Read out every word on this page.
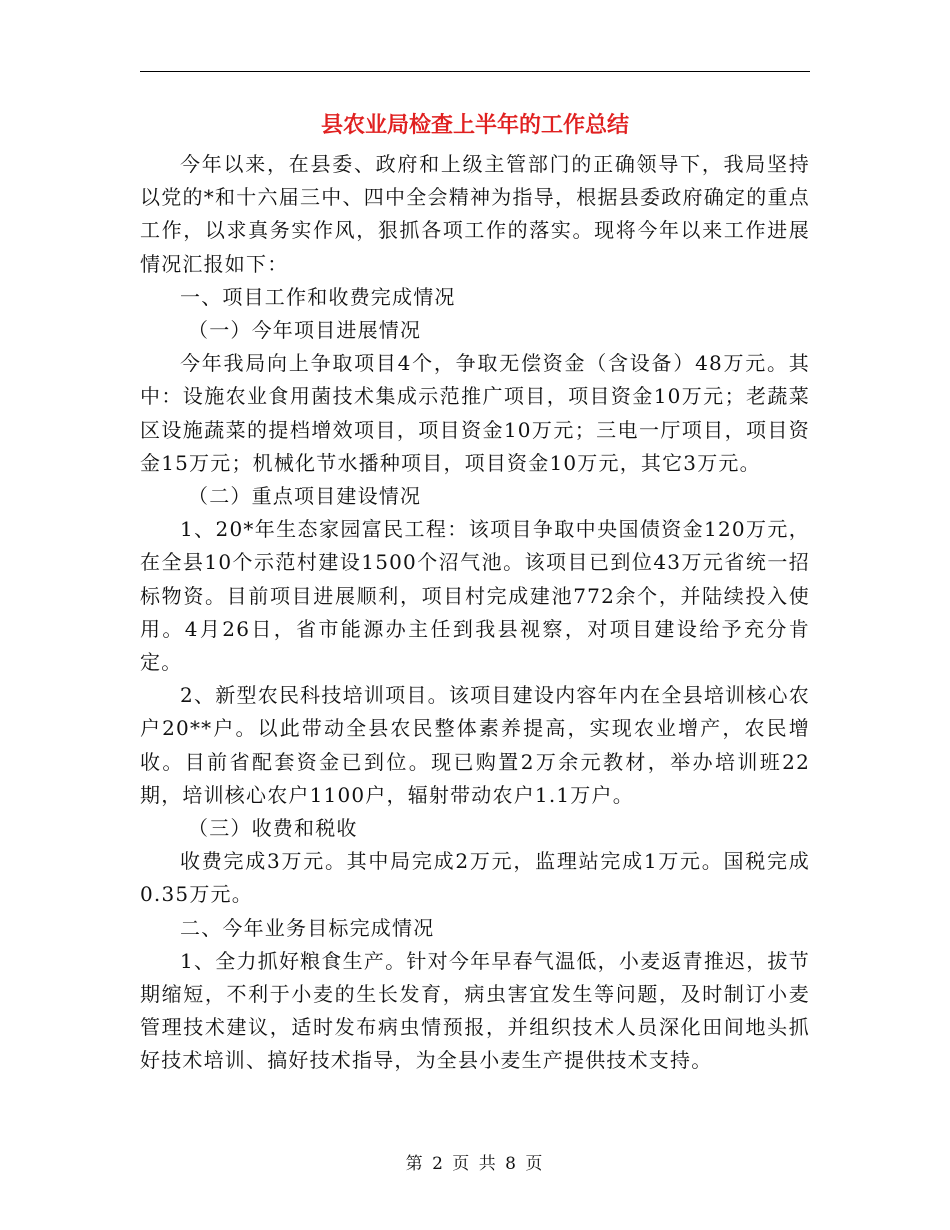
县农业局检查上半年的工作总结

今年以来，在县委、政府和上级主管部门的正确领导下，我局坚持以党的*和十六届三中、四中全会精神为指导，根据县委政府确定的重点工作，以求真务实作风，狠抓各项工作的落实。现将今年以来工作进展情况汇报如下：

一、项目工作和收费完成情况

（一）今年项目进展情况

今年我局向上争取项目4个，争取无偿资金（含设备）48万元。其中：设施农业食用菌技术集成示范推广项目，项目资金10万元；老蔬菜区设施蔬菜的提档增效项目，项目资金10万元；三电一厅项目，项目资金15万元；机械化节水播种项目，项目资金10万元，其它3万元。

（二）重点项目建设情况

1、20*年生态家园富民工程：该项目争取中央国债资金120万元，在全县10个示范村建设1500个沼气池。该项目已到位43万元省统一招标物资。目前项目进展顺利，项目村完成建池772余个，并陆续投入使用。4月26日，省市能源办主任到我县视察，对项目建设给予充分肯定。

2、新型农民科技培训项目。该项目建设内容年内在全县培训核心农户20**户。以此带动全县农民整体素养提高，实现农业增产，农民增收。目前省配套资金已到位。现已购置2万余元教材，举办培训班22期，培训核心农户1100户，辐射带动农户1.1万户。

（三）收费和税收

收费完成3万元。其中局完成2万元，监理站完成1万元。国税完成0.35万元。

二、今年业务目标完成情况

1、全力抓好粮食生产。针对今年早春气温低，小麦返青推迟，拔节期缩短，不利于小麦的生长发育，病虫害宜发生等问题，及时制订小麦管理技术建议，适时发布病虫情预报，并组织技术人员深化田间地头抓好技术培训、搞好技术指导，为全县小麦生产提供技术支持。

第 2 页 共 8 页
